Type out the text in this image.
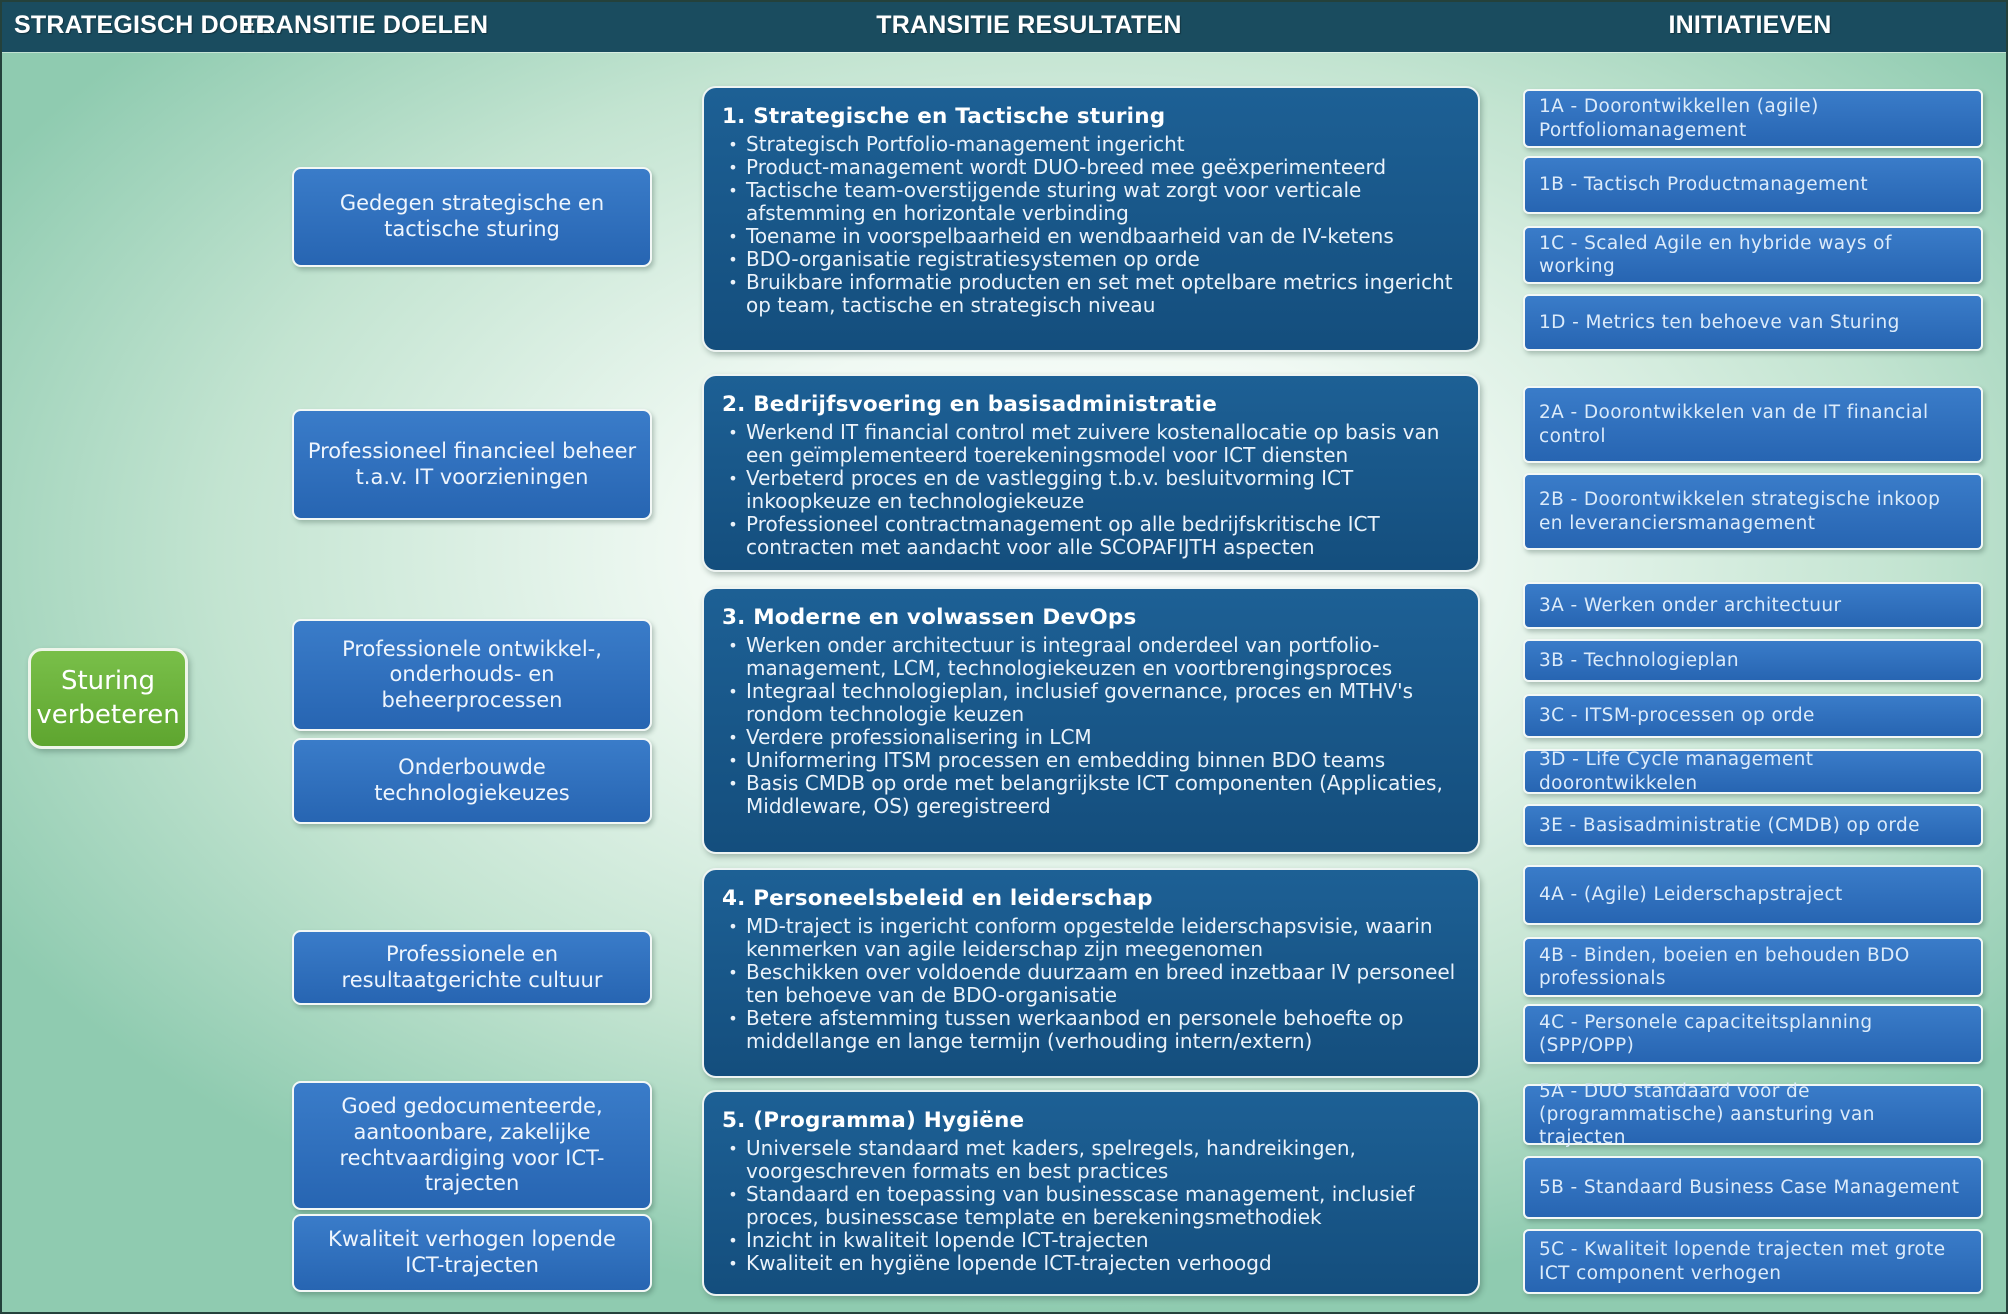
STRATEGISCH DOEL
TRANSITIE DOELEN	TRANSITIE RESULTATEN	INITIATIEVEN
Sturing verbeteren
Gedegen strategische en tactische sturing
Professioneel financieel beheer t.a.v. IT voorzieningen
Professionele ontwikkel-, onderhouds- en beheerprocessen
Onderbouwde technologiekeuzes
Professionele en resultaatgerichte cultuur
Goed gedocumenteerde, aantoonbare, zakelijke rechtvaardiging voor ICT-trajecten
Kwaliteit verhogen lopende ICT-trajecten
1. Strategische en Tactische sturing
• Strategisch Portfolio-management ingericht
• Product-management wordt DUO-breed mee geëxperimenteerd
• Tactische team-overstijgende sturing wat zorgt voor verticale afstemming en horizontale verbinding
• Toename in voorspelbaarheid en wendbaarheid van de IV-ketens
• BDO-organisatie registratiesystemen op orde
• Bruikbare informatie producten en set met optelbare metrics ingericht op team, tactische en strategisch niveau
2. Bedrijfsvoering en basisadministratie
• Werkend IT financial control met zuivere kostenallocatie op basis van een geïmplementeerd toerekeningsmodel voor ICT diensten
• Verbeterd proces en de vastlegging t.b.v. besluitvorming ICT inkoopkeuze en technologiekeuze
• Professioneel contractmanagement op alle bedrijfskritische ICT contracten met aandacht voor alle SCOPAFIJTH aspecten
3. Moderne en volwassen DevOps
• Werken onder architectuur is integraal onderdeel van portfolio-management, LCM, technologiekeuzen en voortbrengingsproces
• Integraal technologieplan, inclusief governance, proces en MTHV's rondom technologie keuzen
• Verdere professionalisering in LCM
• Uniformering ITSM processen en embedding binnen BDO teams
• Basis CMDB op orde met belangrijkste ICT componenten (Applicaties, Middleware, OS) geregistreerd
4. Personeelsbeleid en leiderschap
• MD-traject is ingericht conform opgestelde leiderschapsvisie, waarin kenmerken van agile leiderschap zijn meegenomen
• Beschikken over voldoende duurzaam en breed inzetbaar IV personeel ten behoeve van de BDO-organisatie
• Betere afstemming tussen werkaanbod en personele behoefte op middellange en lange termijn (verhouding intern/extern)
5. (Programma) Hygiëne
• Universele standaard met kaders, spelregels, handreikingen, voorgeschreven formats en best practices
• Standaard en toepassing van businesscase management, inclusief proces, businesscase template en berekeningsmethodiek
• Inzicht in kwaliteit lopende ICT-trajecten
• Kwaliteit en hygiëne lopende ICT-trajecten verhoogd
1A - Doorontwikkellen (agile) Portfoliomanagement
1B - Tactisch Productmanagement
1C - Scaled Agile en hybride ways of working
1D - Metrics ten behoeve van Sturing
2A - Doorontwikkelen van de IT financial control
2B - Doorontwikkelen strategische inkoop en leveranciersmanagement
3A - Werken onder architectuur
3B - Technologieplan
3C - ITSM-processen op orde
3D - Life Cycle management doorontwikkelen
3E - Basisadministratie (CMDB) op orde
4A - (Agile) Leiderschapstraject
4B - Binden, boeien en behouden BDO professionals
4C - Personele capaciteitsplanning (SPP/OPP)
5A - DUO standaard voor de (programmatische) aansturing van trajecten
5B - Standaard Business Case Management
5C - Kwaliteit lopende trajecten met grote ICT component verhogen
